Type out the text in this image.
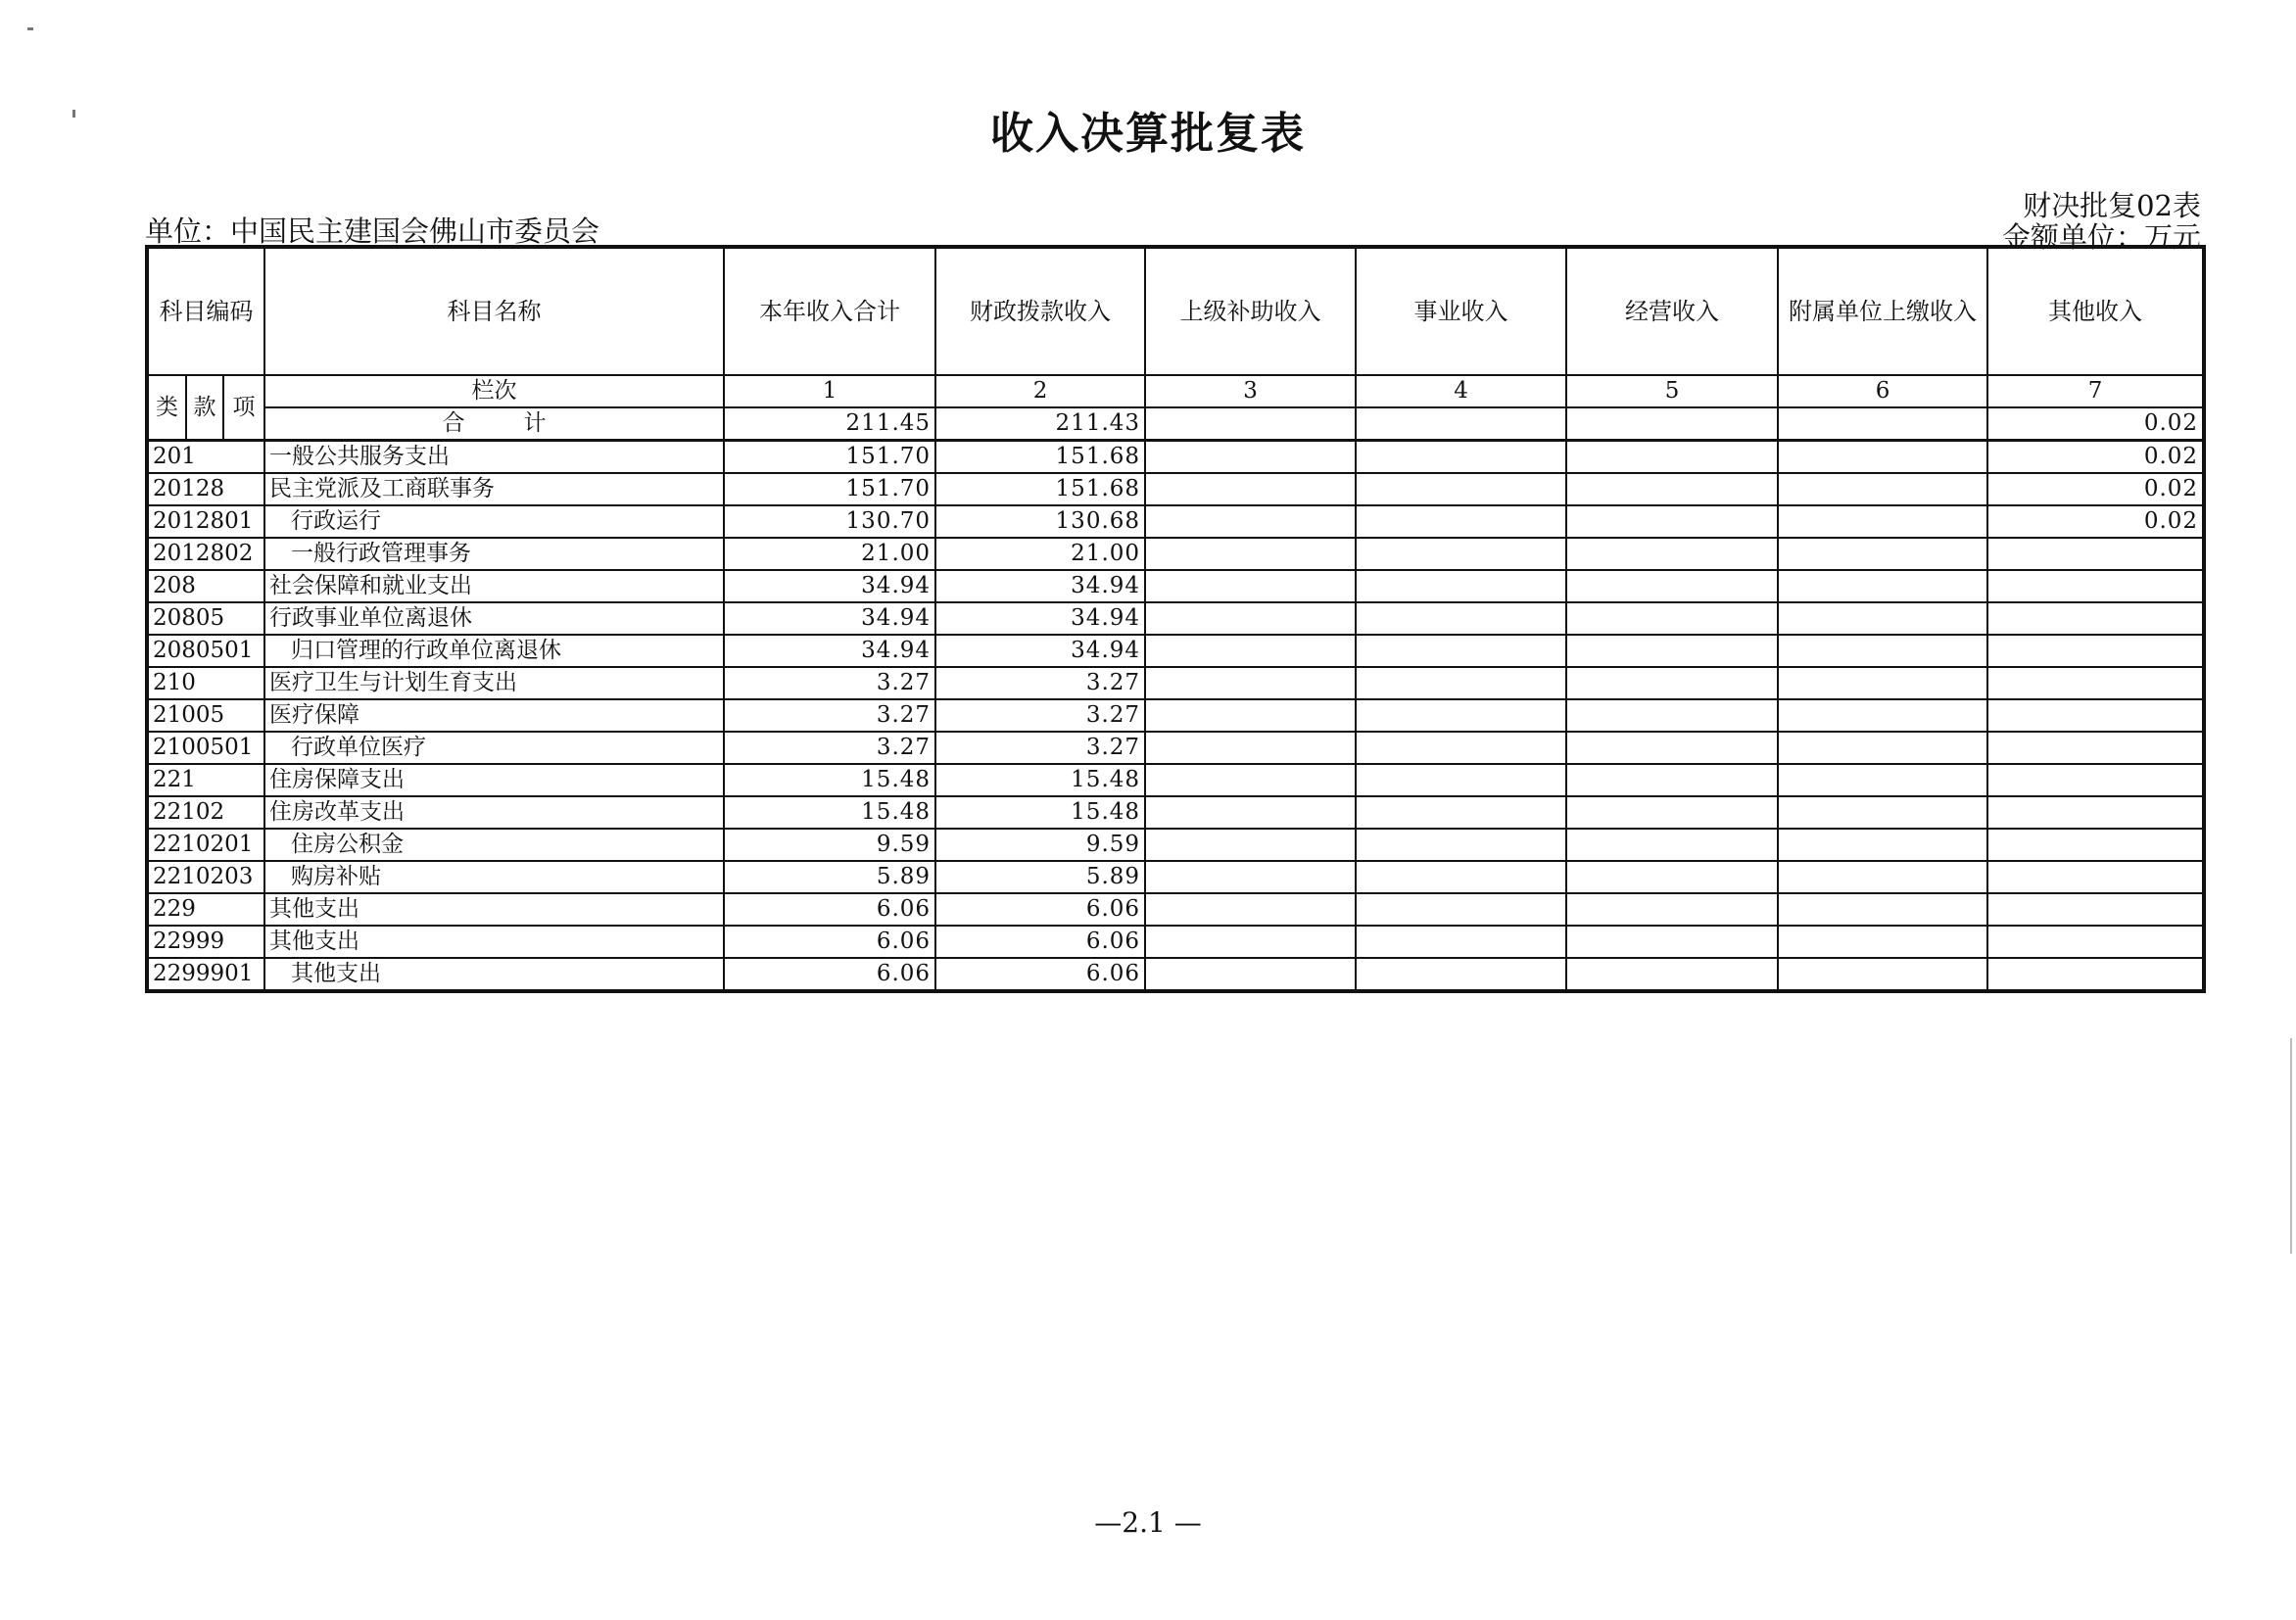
收入决算批复表
单位：中国民主建国会佛山市委员会
财决批复02表
金额单位：万元
科目编码			科目名称	本年收入合计	财政拨款收入	上级补助收入	事业收入	经营收入	附属单位上缴收入	其他收入
类	款	项	栏次	1	2	3	4	5	6	7
			合计	211.45	211.43					0.02
201			一般公共服务支出	151.70	151.68					0.02
20128			民主党派及工商联事务	151.70	151.68					0.02
2012801			行政运行	130.70	130.68					0.02
2012802			一般行政管理事务	21.00	21.00					
208			社会保障和就业支出	34.94	34.94					
20805			行政事业单位离退休	34.94	34.94					
2080501			归口管理的行政单位离退休	34.94	34.94					
210			医疗卫生与计划生育支出	3.27	3.27					
21005			医疗保障	3.27	3.27					
2100501			行政单位医疗	3.27	3.27					
221			住房保障支出	15.48	15.48					
22102			住房改革支出	15.48	15.48					
2210201			住房公积金	9.59	9.59					
2210203			购房补贴	5.89	5.89					
229			其他支出	6.06	6.06					
22999			其他支出	6.06	6.06					
2299901			其他支出	6.06	6.06					
—2.1 —
